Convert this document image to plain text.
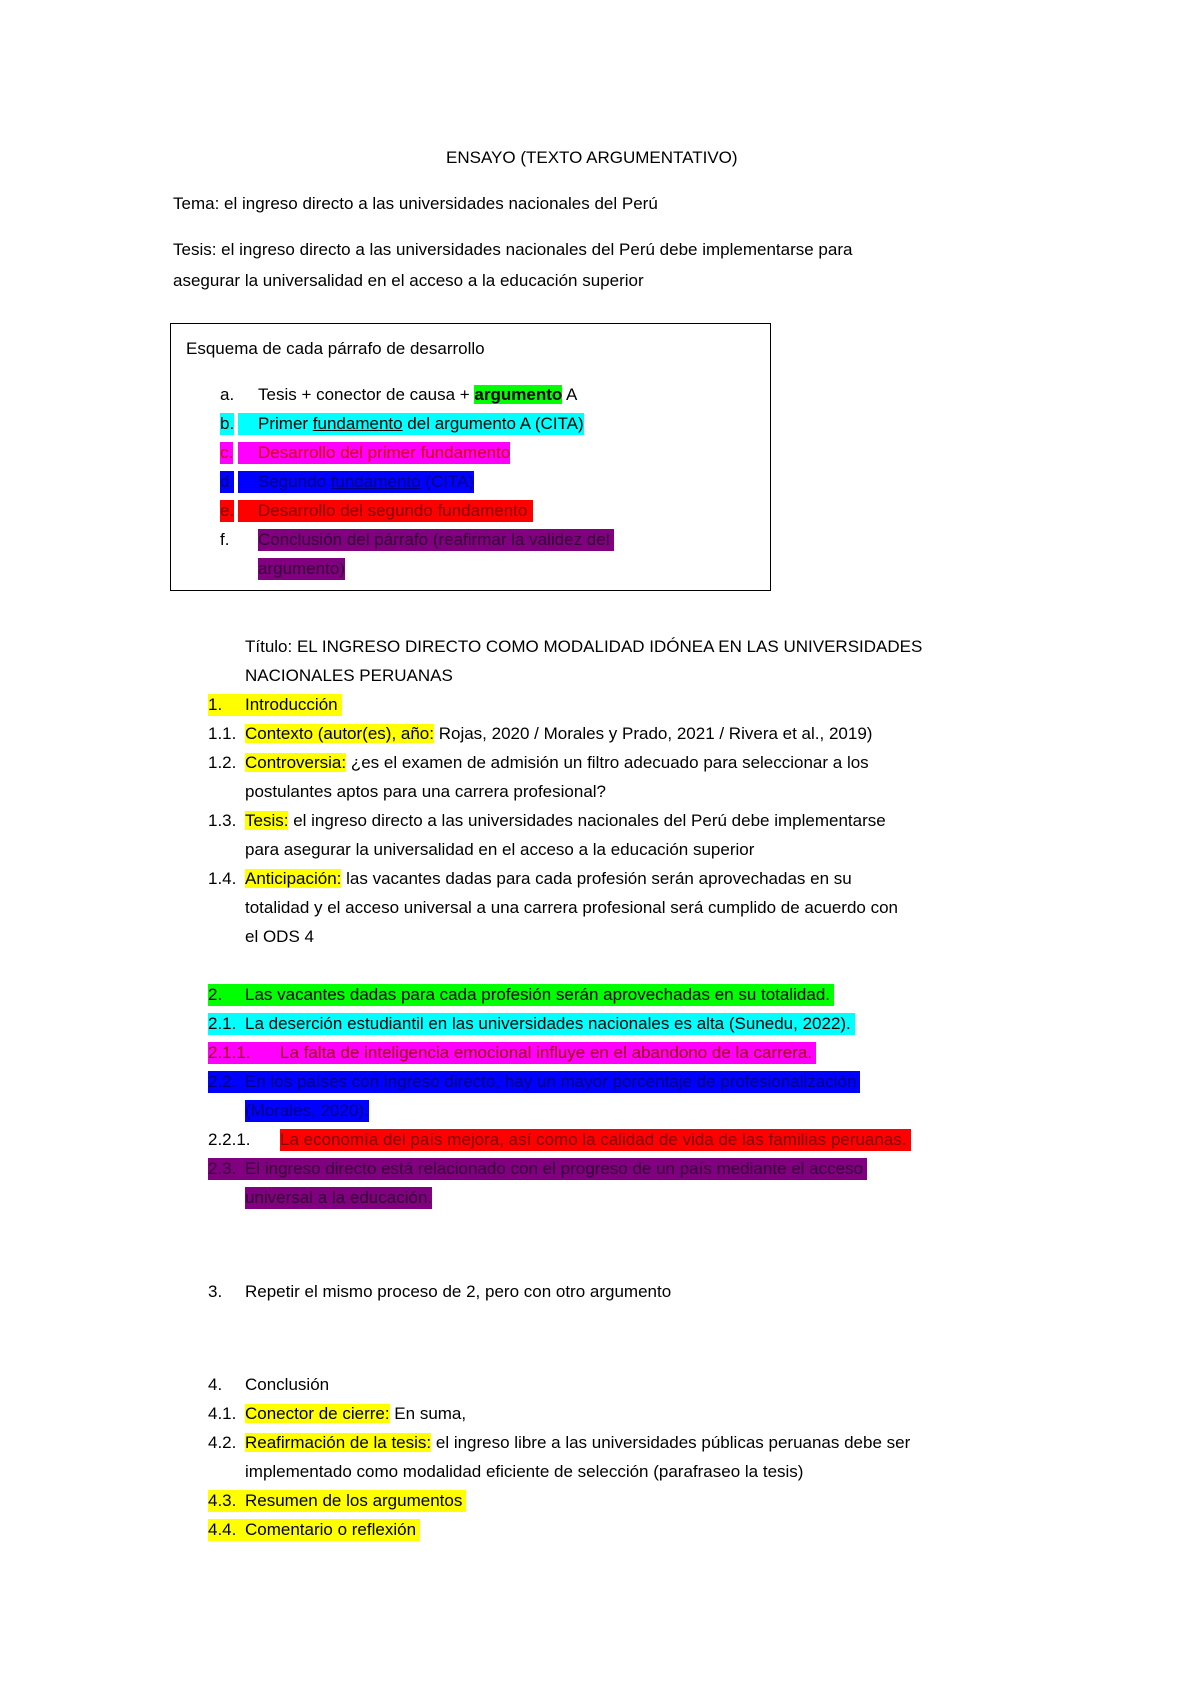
ENSAYO (TEXTO ARGUMENTATIVO)
Tema: el ingreso directo a las universidades nacionales del Perú
Tesis: el ingreso directo a las universidades nacionales del Perú debe implementarse para
asegurar la universalidad en el acceso a la educación superior
Esquema de cada párrafo de desarrollo
a. Tesis + conector de causa + argumento A
b.	Primer fundamento del argumento A (CITA)
c.	Desarrollo del primer fundamento
d.	Segundo fundamento (CITA)
e.	Desarrollo del segundo fundamento
f. Conclusión del párrafo (reafirmar la validez del
argumento)
Título: EL INGRESO DIRECTO COMO MODALIDAD IDÓNEA EN LAS UNIVERSIDADES
NACIONALES PERUANAS
1.	Introducción
1.1. Contexto (autor(es), año: Rojas, 2020 / Morales y Prado, 2021 / Rivera et al., 2019)
1.2. Controversia: ¿es el examen de admisión un filtro adecuado para seleccionar a los
postulantes aptos para una carrera profesional?
1.3. Tesis: el ingreso directo a las universidades nacionales del Perú debe implementarse
para asegurar la universalidad en el acceso a la educación superior
1.4. Anticipación: las vacantes dadas para cada profesión serán aprovechadas en su
totalidad y el acceso universal a una carrera profesional será cumplido de acuerdo con
el ODS 4
2.	Las vacantes dadas para cada profesión serán aprovechadas en su totalidad.
2.1. La deserción estudiantil en las universidades nacionales es alta (Sunedu, 2022).
2.1.1.	La falta de inteligencia emocional influye en el abandono de la carrera.
2.2. En los países con ingreso directo, hay un mayor porcentaje de profesionalización
(Morales, 2020).
2.2.1. La economía del país mejora, así como la calidad de vida de las familias peruanas.
2.3. El ingreso directo está relacionado con el progreso de un país mediante el acceso
universal a la educación.
3. Repetir el mismo proceso de 2, pero con otro argumento
4. Conclusión
4.1. Conector de cierre: En suma,
4.2. Reafirmación de la tesis: el ingreso libre a las universidades públicas peruanas debe ser
implementado como modalidad eficiente de selección (parafraseo la tesis)
4.3. Resumen de los argumentos
4.4. Comentario o reflexión
